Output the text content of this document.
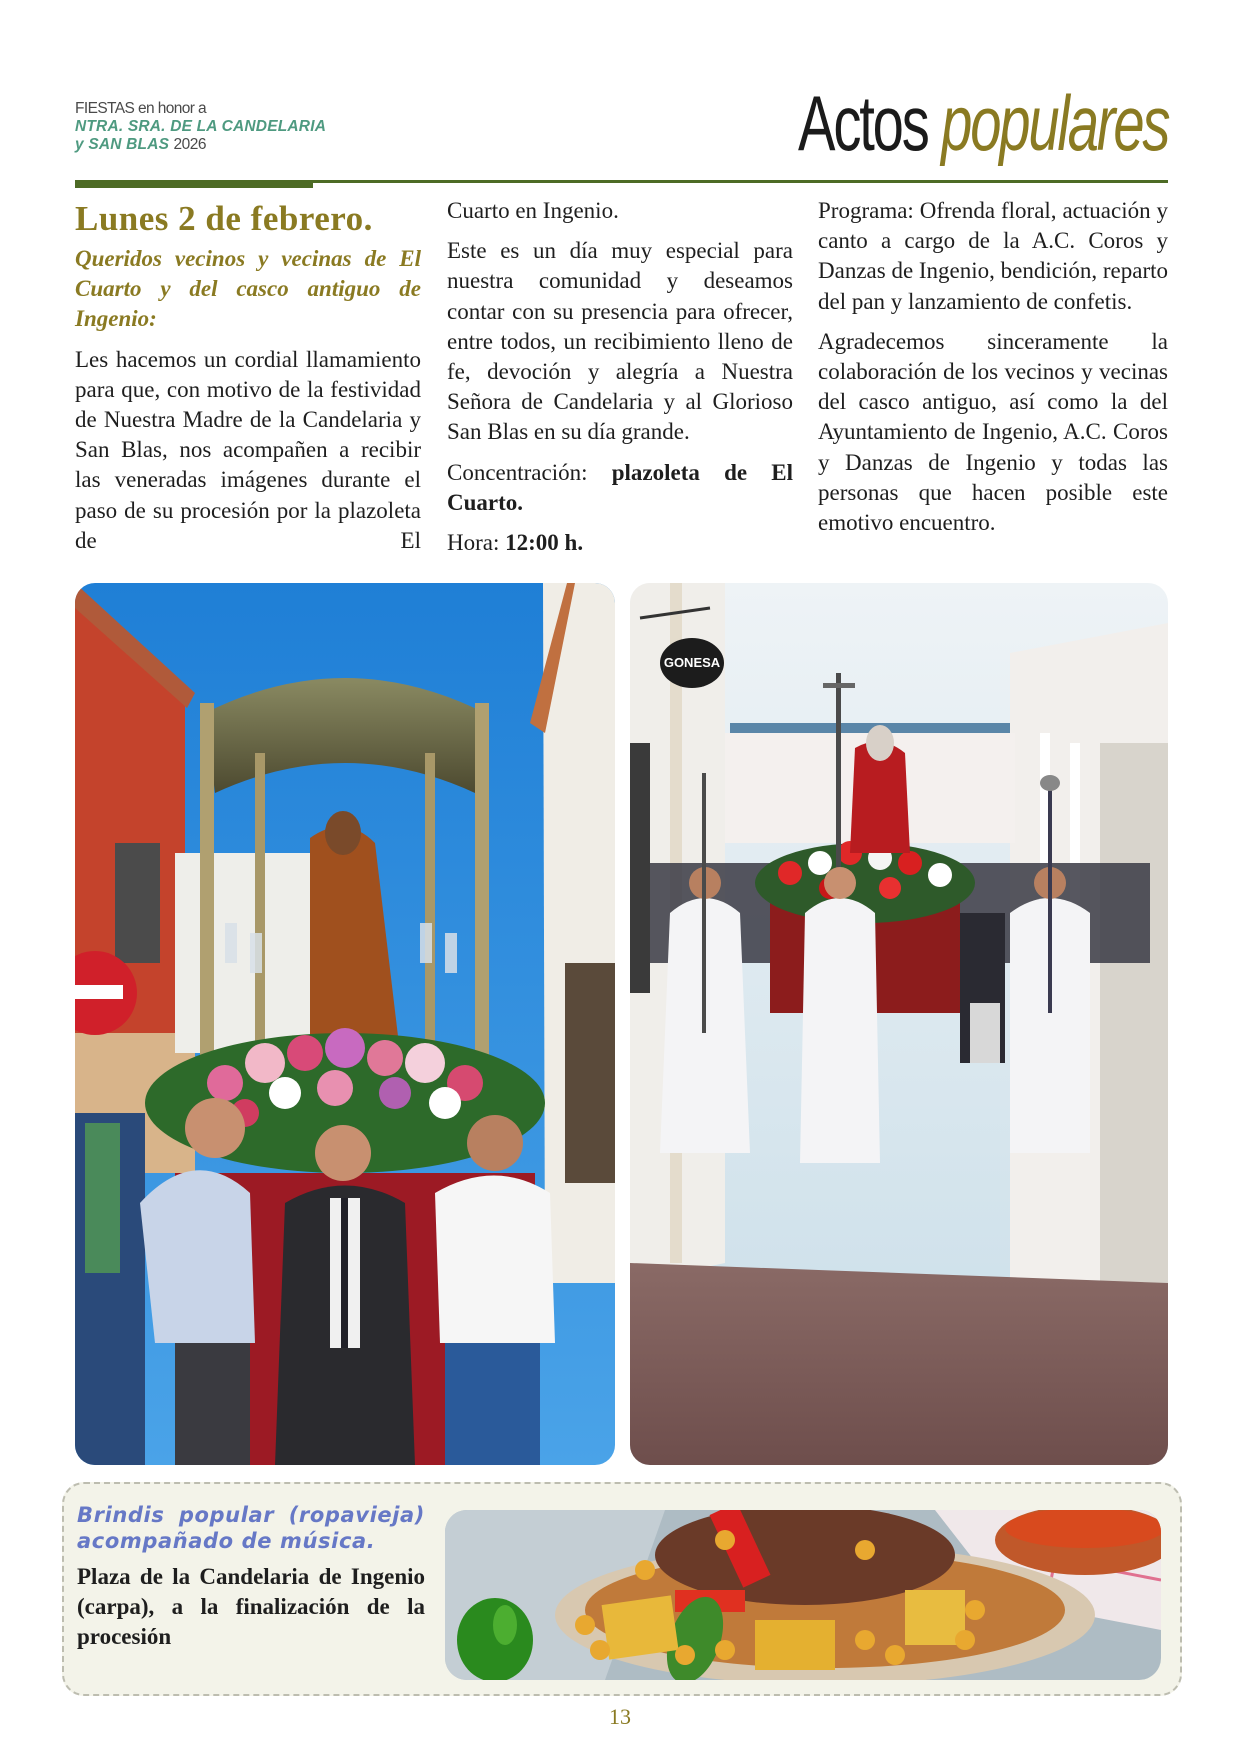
FIESTAS en honor a
NTRA. SRA. DE LA CANDELARIA
y SAN BLAS 2026	Actos populares
Lunes 2 de febrero.
Queridos vecinos y vecinas de El Cuarto y del casco antiguo de Ingenio:

Les hacemos un cordial llamamiento para que, con motivo de la festividad de Nuestra Madre de la Candelaria y San Blas, nos acompañen a recibir las veneradas imágenes durante el paso de su procesión por la plazoleta de El

Cuarto en Ingenio.

Este es un día muy especial para nuestra comunidad y deseamos contar con su presencia para ofrecer, entre todos, un recibimiento lleno de fe, devoción y alegría a Nuestra Señora de Candelaria y al Glorioso San Blas en su día grande.

Concentración: plazoleta de El Cuarto.

Hora: 12:00 h.

Programa: Ofrenda floral, actuación y canto a cargo de la A.C. Coros y Danzas de Ingenio, bendición, reparto del pan y lanzamiento de confetis.

Agradecemos sinceramente la colaboración de los vecinos y vecinas del casco antiguo, así como la del Ayuntamiento de Ingenio, A.C. Coros y Danzas de Ingenio y todas las personas que hacen posible este emotivo encuentro.

GONESA
Brindis popular (ropavieja) acompañado de música.
Plaza de la Candelaria de Ingenio (carpa), a la finalización de la procesión
13
